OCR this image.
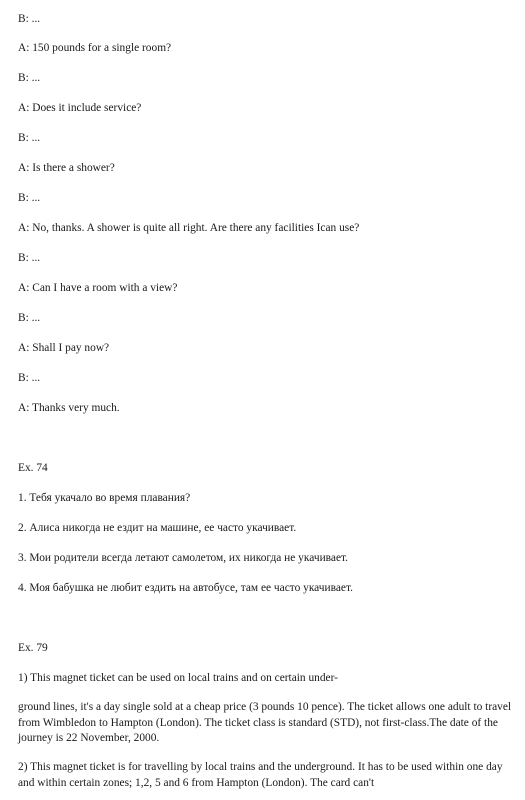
B: ...
A: 150 pounds for a single room?
B: ...
A: Does it include service?
B: ...
A: Is there a shower?
B: ...
A: No, thanks. A shower is quite all right. Are there any facilities Ican use?
B: ...
A: Can I have a room with a view?
B: ...
A: Shall I pay now?
B: ...
A: Thanks very much.
Ex. 74
1. Тебя укачало во время плавания?
2. Алиса никогда не ездит на машине, ее часто укачивает.
3. Мои родители всегда летают самолетом, их никогда не укачивает.
4. Моя бабушка не любит ездить на автобусе, там ее часто укачивает.
Ex. 79
1) This magnet ticket can be used on local trains and on certain under-
ground lines, it's a day single sold at a cheap price (3 pounds 10 pence). The ticket allows one adult to travel from Wimbledon to Hampton (London). The ticket class is standard (STD), not first-class.The date of the journey is 22 November, 2000.
2) This magnet ticket is for travelling by local trains and the underground. It has to be used within one day and within certain zones; 1,2, 5 and 6 from Hampton (London). The card can't
